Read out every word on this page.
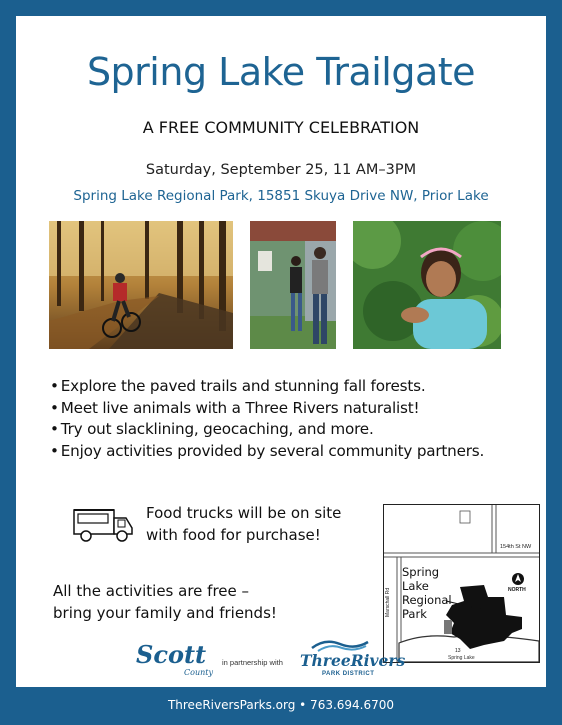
Spring Lake Trailgate
A FREE COMMUNITY CELEBRATION
Saturday, September 25, 11 AM–3PM
Spring Lake Regional Park, 15851 Skuya Drive NW, Prior Lake
• Explore the paved trails and stunning fall forests.
• Meet live animals with a Three Rivers naturalist!
• Try out slacklining, geocaching, and more.
• Enjoy activities provided by several community partners.
Food trucks will be on site
with food for purchase!
All the activities are free –
bring your family and friends!
154th St NW
Marschall Rd
Spring
Lake
Regional
Park
NORTH
13
Spring Lake
Scott
County
in partnership with ThreeRivers
PARK DISTRICT
ThreeRiversParks.org • 763.694.6700
